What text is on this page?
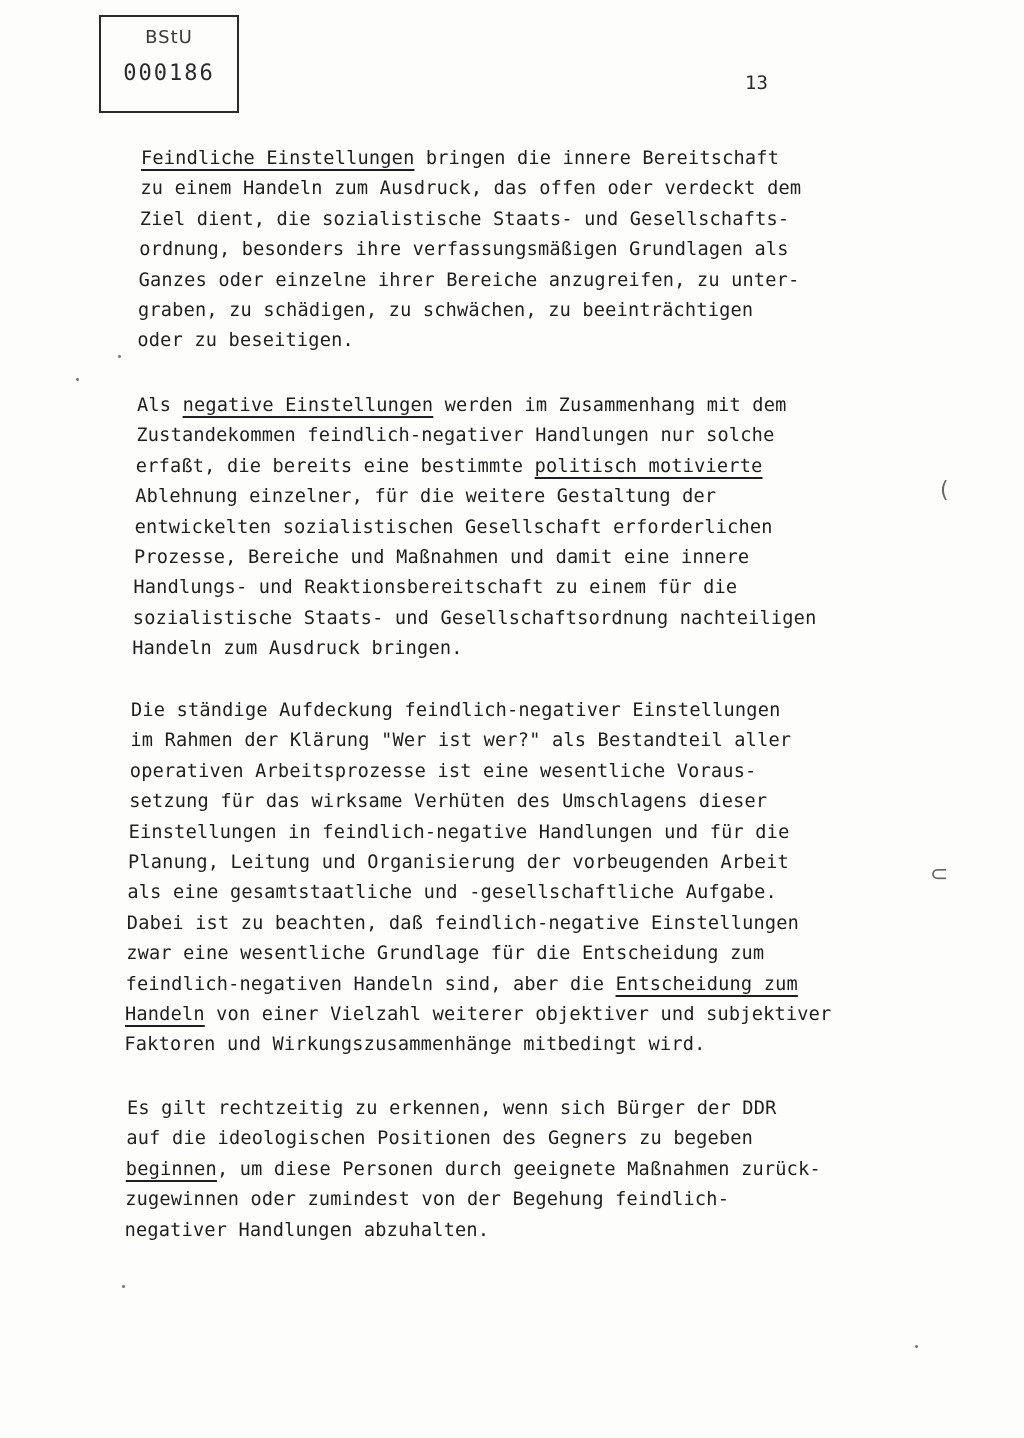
BStU
000186	13
Feindliche Einstellungen bringen die innere Bereitschaft
zu einem Handeln zum Ausdruck, das offen oder verdeckt dem
Ziel dient, die sozialistische Staats- und Gesellschafts-
ordnung, besonders ihre verfassungsmäßigen Grundlagen als
Ganzes oder einzelne ihrer Bereiche anzugreifen, zu unter-
graben, zu schädigen, zu schwächen, zu beeinträchtigen
oder zu beseitigen.
Als negative Einstellungen werden im Zusammenhang mit dem
Zustandekommen feindlich-negativer Handlungen nur solche
erfaßt, die bereits eine bestimmte politisch motivierte
Ablehnung einzelner, für die weitere Gestaltung der
entwickelten sozialistischen Gesellschaft erforderlichen
Prozesse, Bereiche und Maßnahmen und damit eine innere
Handlungs- und Reaktionsbereitschaft zu einem für die
sozialistische Staats- und Gesellschaftsordnung nachteiligen
Handeln zum Ausdruck bringen.
Die ständige Aufdeckung feindlich-negativer Einstellungen
im Rahmen der Klärung "Wer ist wer?" als Bestandteil aller
operativen Arbeitsprozesse ist eine wesentliche Voraus-
setzung für das wirksame Verhüten des Umschlagens dieser
Einstellungen in feindlich-negative Handlungen und für die
Planung, Leitung und Organisierung der vorbeugenden Arbeit
als eine gesamtstaatliche und -gesellschaftliche Aufgabe.
Dabei ist zu beachten, daß feindlich-negative Einstellungen
zwar eine wesentliche Grundlage für die Entscheidung zum
feindlich-negativen Handeln sind, aber die Entscheidung zum
Handeln von einer Vielzahl weiterer objektiver und subjektiver
Faktoren und Wirkungszusammenhänge mitbedingt wird.
Es gilt rechtzeitig zu erkennen, wenn sich Bürger der DDR
auf die ideologischen Positionen des Gegners zu begeben
beginnen, um diese Personen durch geeignete Maßnahmen zurück-
zugewinnen oder zumindest von der Begehung feindlich-
negativer Handlungen abzuhalten.
(
⊂
